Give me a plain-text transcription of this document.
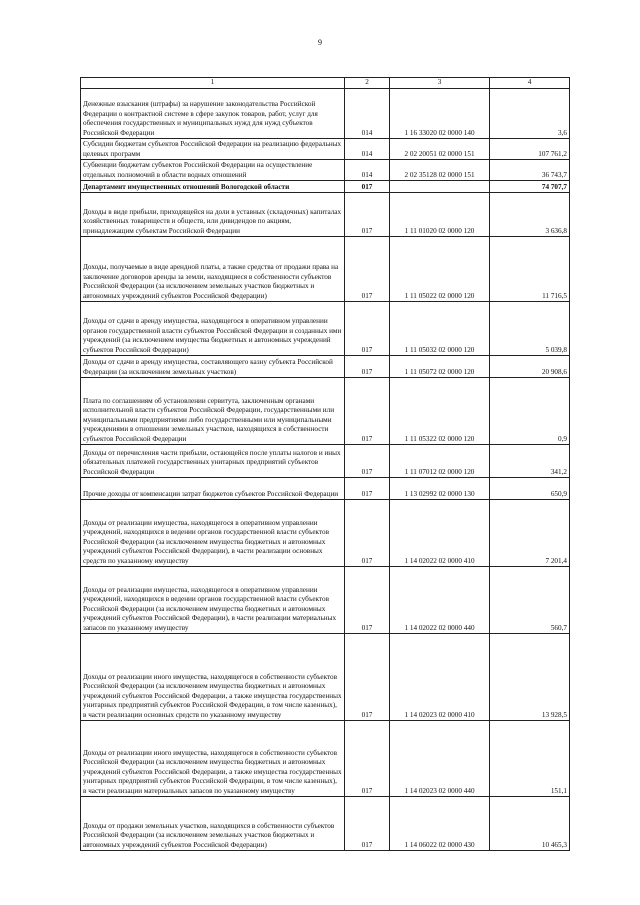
9
1	2	3	4
Денежные взыскания (штрафы) за нарушение законодательства Российской Федерации о контрактной системе в сфере закупок товаров, работ, услуг для обеспечения государственных и муниципальных нужд для нужд субъектов Российской Федерации	014	1 16 33020 02 0000 140	3,6
Субсидии бюджетам субъектов Российской Федерации на реализацию федеральных целевых программ	014	2 02 20051 02 0000 151	107 761,2
Субвенции бюджетам субъектов Российской Федерации на осуществление отдельных полномочий в области водных отношений	014	2 02 35128 02 0000 151	36 743,7
Департамент имущественных отношений Вологодской области	017		74 707,7
Доходы в виде прибыли, приходящейся на доли в уставных (складочных) капиталах хозяйственных товариществ и обществ, или дивидендов по акциям, принадлежащим субъектам Российской Федерации	017	1 11 01020 02 0000 120	3 636,8
Доходы, получаемые в виде арендной платы, а также средства от продажи права на заключение договоров аренды за земли, находящиеся в собственности субъектов Российской Федерации (за исключением земельных участков бюджетных и автономных учреждений субъектов Российской Федерации)	017	1 11 05022 02 0000 120	11 716,5
Доходы от сдачи в аренду имущества, находящегося в оперативном управлении органов государственной власти субъектов Российской Федерации и созданных ими учреждений (за исключением имущества бюджетных и автономных учреждений субъектов Российской Федерации)	017	1 11 05032 02 0000 120	5 039,8
Доходы от сдачи в аренду имущества, составляющего казну субъекта Российской Федерации (за исключением земельных участков)	017	1 11 05072 02 0000 120	20 908,6
Плата по соглашениям об установлении сервитута, заключенным органами исполнительной власти субъектов Российской Федерации, государственными или муниципальными предприятиями либо государственными или муниципальными учреждениями в отношении земельных участков, находящихся в собственности субъектов Российской Федерации	017	1 11 05322 02 0000 120	0,9
Доходы от перечисления части прибыли, остающейся после уплаты налогов и иных обязательных платежей государственных унитарных предприятий субъектов Российской Федерации	017	1 11 07012 02 0000 120	341,2
Прочие доходы от компенсации затрат бюджетов субъектов Российской Федерации	017	1 13 02992 02 0000 130	650,9
Доходы от реализации имущества, находящегося в оперативном управлении учреждений, находящихся в ведении органов государственной власти субъектов Российской Федерации (за исключением имущества бюджетных и автономных учреждений субъектов Российской Федерации), в части реализации основных средств по указанному имуществу	017	1 14 02022 02 0000 410	7 201,4
Доходы от реализации имущества, находящегося в оперативном управлении учреждений, находящихся в ведении органов государственной власти субъектов Российской Федерации (за исключением имущества бюджетных и автономных учреждений субъектов Российской Федерации), в части реализации материальных запасов по указанному имуществу	017	1 14 02022 02 0000 440	560,7
Доходы от реализации иного имущества, находящегося в собственности субъектов Российской Федерации (за исключением имущества бюджетных и автономных учреждений субъектов Российской Федерации, а также имущества государственных унитарных предприятий субъектов Российской Федерации, в том числе казенных), в части реализации основных средств по указанному имуществу	017	1 14 02023 02 0000 410	13 928,5
Доходы от реализации иного имущества, находящегося в собственности субъектов Российской Федерации (за исключением имущества бюджетных и автономных учреждений субъектов Российской Федерации, а также имущества государственных унитарных предприятий субъектов Российской Федерации, в том числе казенных), в части реализации материальных запасов по указанному имуществу	017	1 14 02023 02 0000 440	151,1
Доходы от продажи земельных участков, находящихся в собственности субъектов Российской Федерации (за исключением земельных участков бюджетных и автономных учреждений субъектов Российской Федерации)	017	1 14 06022 02 0000 430	10 465,3
